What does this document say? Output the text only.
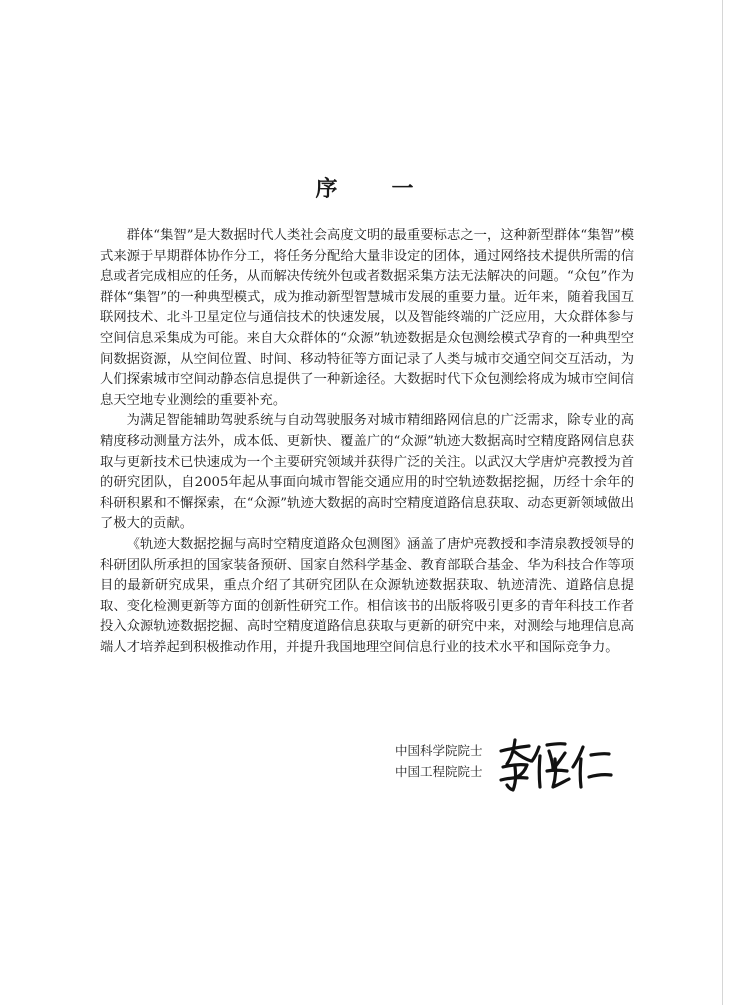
序 一

群体“集智”是大数据时代人类社会高度文明的最重要标志之一，这种新型群体“集智”模式来源于早期群体协作分工，将任务分配给大量非设定的团体，通过网络技术提供所需的信息或者完成相应的任务，从而解决传统外包或者数据采集方法无法解决的问题。“众包”作为群体“集智”的一种典型模式，成为推动新型智慧城市发展的重要力量。近年来，随着我国互联网技术、北斗卫星定位与通信技术的快速发展，以及智能终端的广泛应用，大众群体参与空间信息采集成为可能。来自大众群体的“众源”轨迹数据是众包测绘模式孕育的一种典型空间数据资源，从空间位置、时间、移动特征等方面记录了人类与城市交通空间交互活动，为人们探索城市空间动静态信息提供了一种新途径。大数据时代下众包测绘将成为城市空间信息天空地专业测绘的重要补充。

为满足智能辅助驾驶系统与自动驾驶服务对城市精细路网信息的广泛需求，除专业的高精度移动测量方法外，成本低、更新快、覆盖广的“众源”轨迹大数据高时空精度路网信息获取与更新技术已快速成为一个主要研究领域并获得广泛的关注。以武汉大学唐炉亮教授为首的研究团队，自2005年起从事面向城市智能交通应用的时空轨迹数据挖掘，历经十余年的科研积累和不懈探索，在“众源”轨迹大数据的高时空精度道路信息获取、动态更新领域做出了极大的贡献。

《轨迹大数据挖掘与高时空精度道路众包测图》涵盖了唐炉亮教授和李清泉教授领导的科研团队所承担的国家装备预研、国家自然科学基金、教育部联合基金、华为科技合作等项目的最新研究成果，重点介绍了其研究团队在众源轨迹数据获取、轨迹清洗、道路信息提取、变化检测更新等方面的创新性研究工作。相信该书的出版将吸引更多的青年科技工作者投入众源轨迹数据挖掘、高时空精度道路信息获取与更新的研究中来，对测绘与地理信息高端人才培养起到积极推动作用，并提升我国地理空间信息行业的技术水平和国际竞争力。

中国科学院院士
中国工程院院士
